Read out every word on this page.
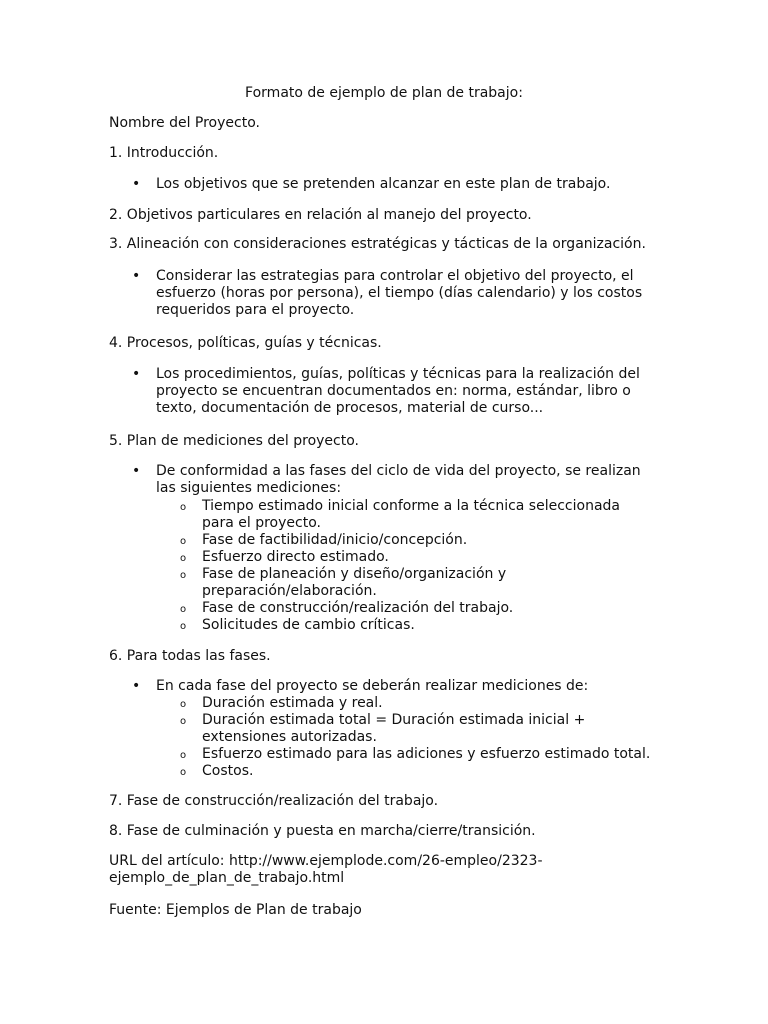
Formato de ejemplo de plan de trabajo:
Nombre del Proyecto.
1. Introducción.
•	Los objetivos que se pretenden alcanzar en este plan de trabajo.
2. Objetivos particulares en relación al manejo del proyecto.
3. Alineación con consideraciones estratégicas y tácticas de la organización.
•	Considerar las estrategias para controlar el objetivo del proyecto, el
esfuerzo (horas por persona), el tiempo (días calendario) y los costos
requeridos para el proyecto.
4. Procesos, políticas, guías y técnicas.
•	Los procedimientos, guías, políticas y técnicas para la realización del
proyecto se encuentran documentados en: norma, estándar, libro o
texto, documentación de procesos, material de curso...
5. Plan de mediciones del proyecto.
•	De conformidad a las fases del ciclo de vida del proyecto, se realizan
las siguientes mediciones:
o Tiempo estimado inicial conforme a la técnica seleccionada
para el proyecto.
o Fase de factibilidad/inicio/concepción.
o Esfuerzo directo estimado.
o Fase de planeación y diseño/organización y
preparación/elaboración.
o Fase de construcción/realización del trabajo.
o Solicitudes de cambio críticas.
6. Para todas las fases.
•	En cada fase del proyecto se deberán realizar mediciones de:
o Duración estimada y real.
o Duración estimada total = Duración estimada inicial +
extensiones autorizadas.
o Esfuerzo estimado para las adiciones y esfuerzo estimado total.
o Costos.
7. Fase de construcción/realización del trabajo.
8. Fase de culminación y puesta en marcha/cierre/transición.
URL del artículo: http://www.ejemplode.com/26-empleo/2323-
ejemplo_de_plan_de_trabajo.html
Fuente: Ejemplos de Plan de trabajo
